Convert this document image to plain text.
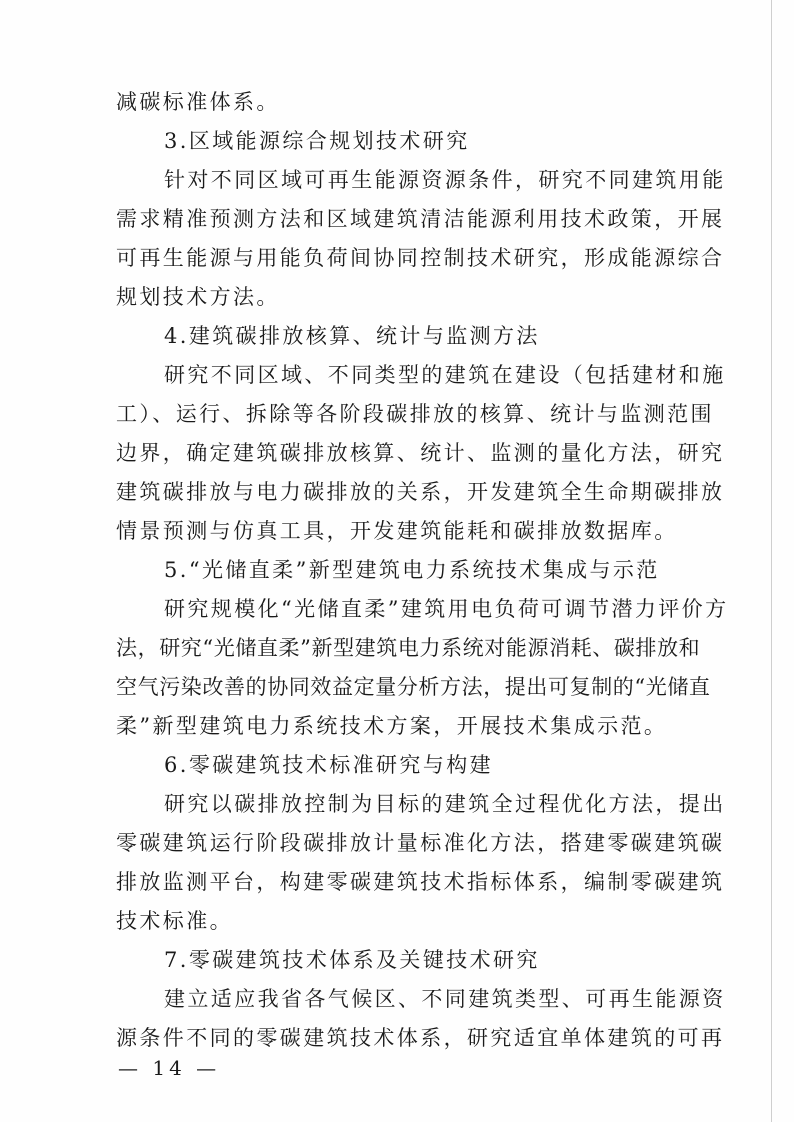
减碳标准体系。
3.区域能源综合规划技术研究
针对不同区域可再生能源资源条件，研究不同建筑用能
需求精准预测方法和区域建筑清洁能源利用技术政策，开展
可再生能源与用能负荷间协同控制技术研究，形成能源综合
规划技术方法。
4.建筑碳排放核算、统计与监测方法
研究不同区域、不同类型的建筑在建设（包括建材和施
工）、运行、拆除等各阶段碳排放的核算、统计与监测范围
边界，确定建筑碳排放核算、统计、监测的量化方法，研究
建筑碳排放与电力碳排放的关系，开发建筑全生命期碳排放
情景预测与仿真工具，开发建筑能耗和碳排放数据库。
5.“光储直柔”新型建筑电力系统技术集成与示范
研究规模化“光储直柔”建筑用电负荷可调节潜力评价方
法，研究“光储直柔”新型建筑电力系统对能源消耗、碳排放和
空气污染改善的协同效益定量分析方法，提出可复制的“光储直
柔”新型建筑电力系统技术方案，开展技术集成示范。
6.零碳建筑技术标准研究与构建
研究以碳排放控制为目标的建筑全过程优化方法，提出
零碳建筑运行阶段碳排放计量标准化方法，搭建零碳建筑碳
排放监测平台，构建零碳建筑技术指标体系，编制零碳建筑
技术标准。
7.零碳建筑技术体系及关键技术研究
建立适应我省各气候区、不同建筑类型、可再生能源资
源条件不同的零碳建筑技术体系，研究适宜单体建筑的可再
— 14 —
